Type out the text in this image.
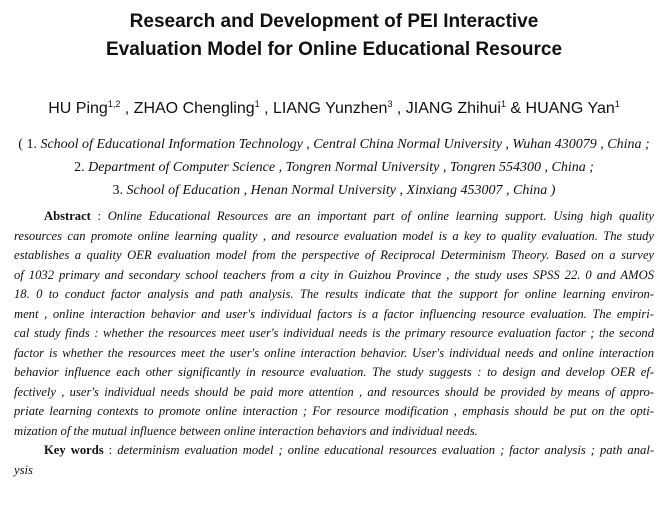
Research and Development of PEI Interactive
Evaluation Model for Online Educational Resource
HU Ping$^{1,2}$ , ZHAO Chengling$^1$ , LIANG Yunzhen$^3$ , JIANG Zhihui$^1$ & HUANG Yan$^1$
( 1. School of Educational Information Technology , Central China Normal University , Wuhan 430079 , China ;
2. Department of Computer Science , Tongren Normal University , Tongren 554300 , China ;
3. School of Education , Henan Normal University , Xinxiang 453007 , China )
Abstract : Online Educational Resources are an important part of online learning support. Using high quality
resources can promote online learning quality , and resource evaluation model is a key to quality evaluation. The study
establishes a quality OER evaluation model from the perspective of Reciprocal Determinism Theory. Based on a survey
of 1032 primary and secondary school teachers from a city in Guizhou Province , the study uses SPSS 22. 0 and AMOS
18. 0 to conduct factor analysis and path analysis. The results indicate that the support for online learning environ-
ment , online interaction behavior and user's individual factors is a factor influencing resource evaluation. The empiri-
cal study finds : whether the resources meet user's individual needs is the primary resource evaluation factor ; the second
factor is whether the resources meet the user's online interaction behavior. User's individual needs and online interaction
behavior influence each other significantly in resource evaluation. The study suggests : to design and develop OER ef-
fectively , user's individual needs should be paid more attention , and resources should be provided by means of appro-
priate learning contexts to promote online interaction ; For resource modification , emphasis should be put on the opti-
mization of the mutual influence between online interaction behaviors and individual needs.
Key words : determinism evaluation model ; online educational resources evaluation ; factor analysis ; path anal-
ysis
